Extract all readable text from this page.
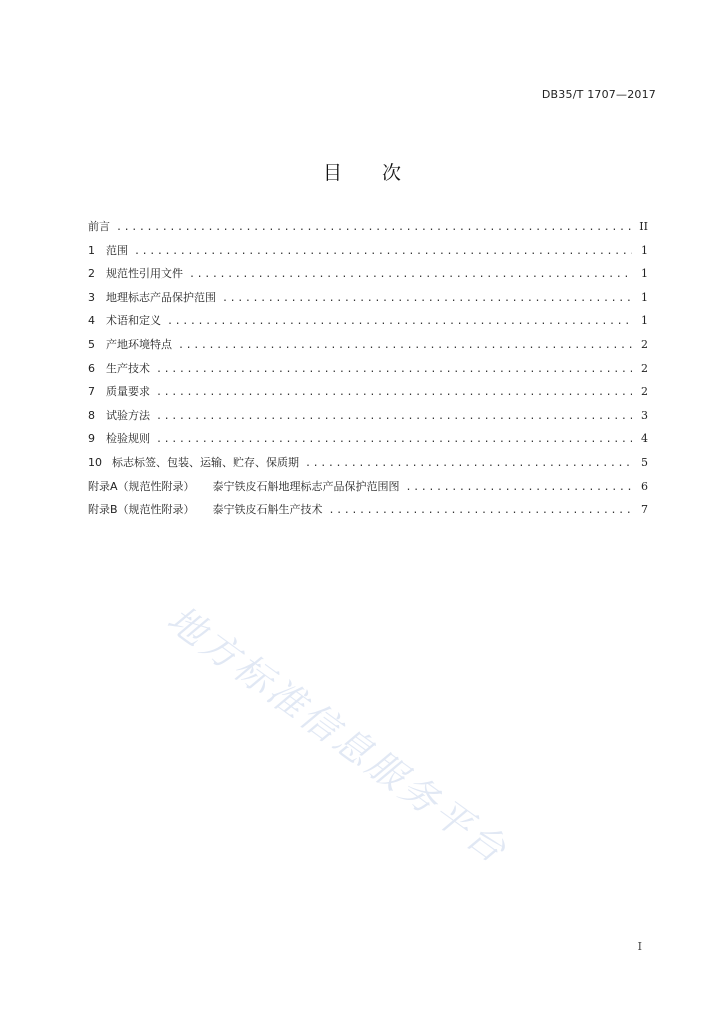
DB35/T 1707—2017
目 次
前言 .....	II
1 范围 .....	1
2 规范性引用文件 .....	1
3 地理标志产品保护范围 .....	1
4 术语和定义 .....	1
5 产地环境特点 .....	2
6 生产技术 .....	2
7 质量要求 .....	2
8 试验方法 .....	3
9 检验规则 .....	4
10 标志标签、包装、运输、贮存、保质期 .....	5
附录A（规范性附录） 泰宁铁皮石斛地理标志产品保护范围图 .....	6
附录B（规范性附录） 泰宁铁皮石斛生产技术 .....	7
地方标准信息服务平台
I
